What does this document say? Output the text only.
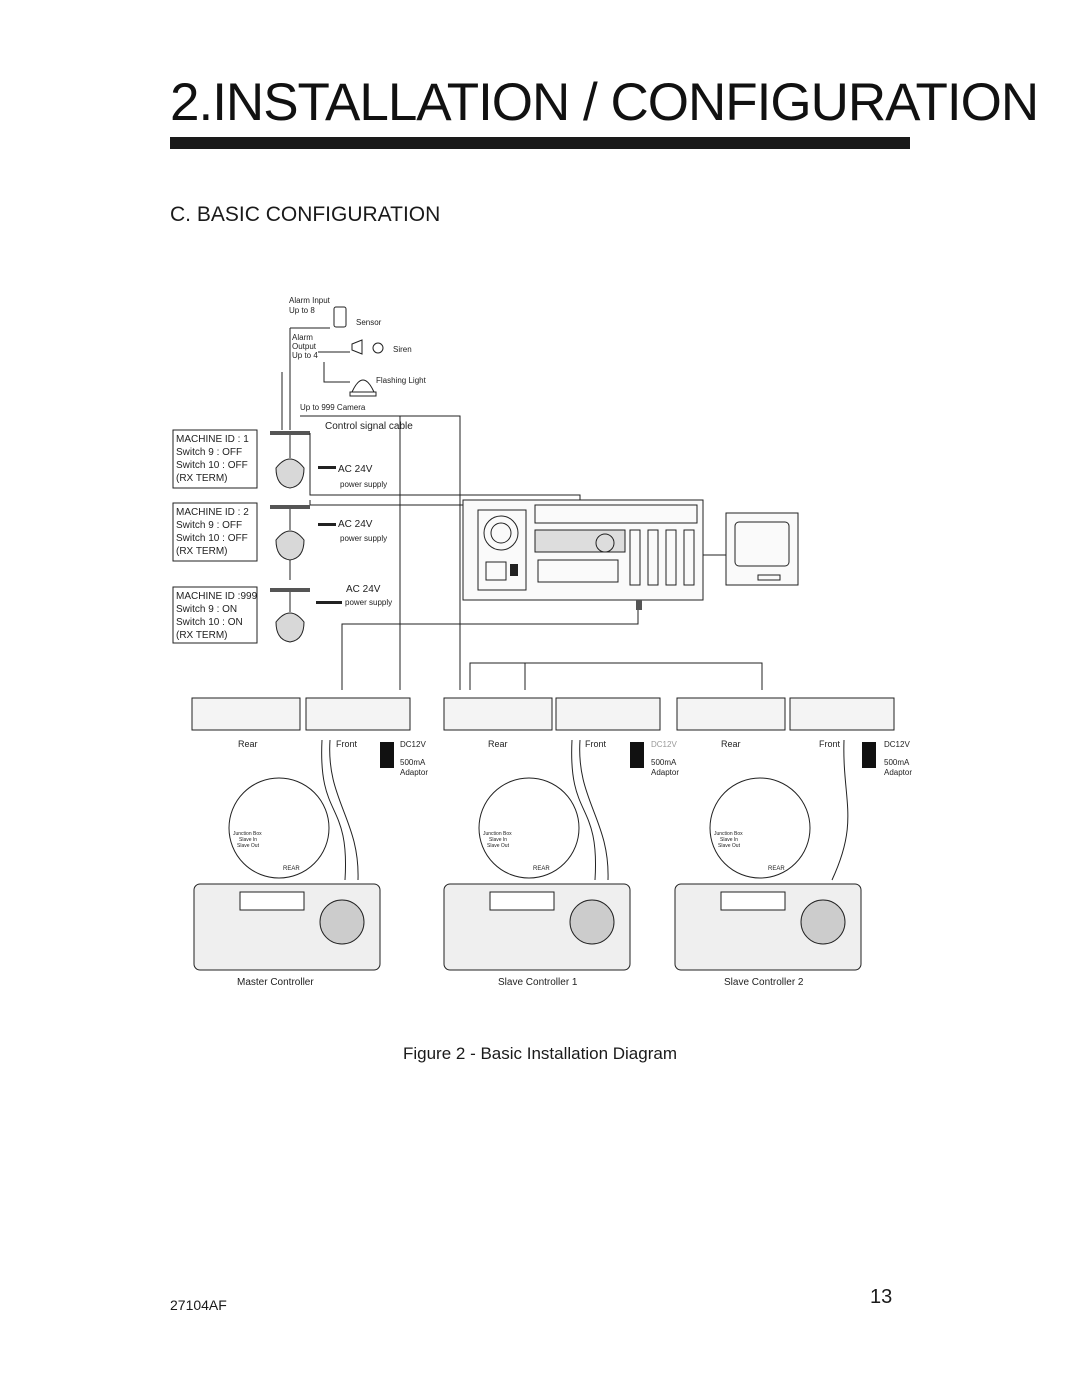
2.INSTALLATION / CONFIGURATION
C. BASIC CONFIGURATION
Alarm Input
Up to 8
Sensor
Alarm
Output
Up to 4
Siren
Flashing Light
Up to 999 Camera
Control signal cable
MACHINE ID : 1
Switch 9 : OFF
Switch 10 : OFF
(RX TERM)
AC 24V
power supply
MACHINE ID : 2
Switch 9 : OFF
Switch 10 : OFF
(RX TERM)
AC 24V
power supply
MACHINE ID :999
Switch 9 : ON
Switch 10 : ON
(RX TERM)
AC 24V
power supply
Rear	Front	DC12V
500mA
Adaptor
Junction Box
Slave In
Slave Out
REAR
Master Controller
Rear	Front	DC12V
500mA
Adaptor
Junction Box
Slave In
Slave Out
REAR
Slave Controller 1
Rear	Front	DC12V
500mA
Adaptor
Junction Box
Slave In
Slave Out
REAR
Slave Controller 2
Figure 2 - Basic Installation Diagram
27104AF	13
